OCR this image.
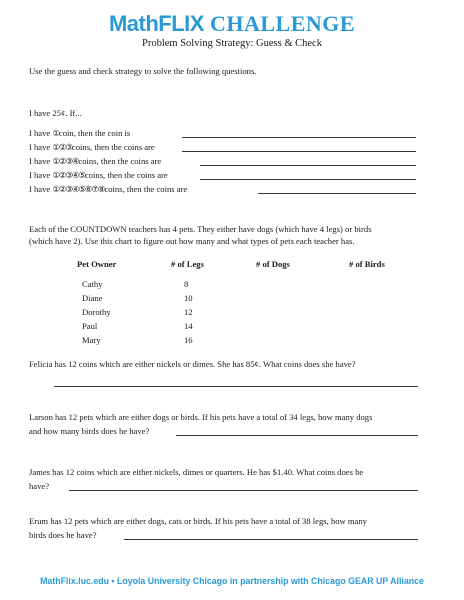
MathFLIX CHALLENGE
Problem Solving Strategy: Guess & Check
Use the guess and check strategy to solve the following questions.
I have 25¢. If...
I have ①coin, then the coin is
I have ①②③coins, then the coins are
I have ①②③④coins, then the coins are
I have ①②③④⑤coins, then the coins are
I have ①②③④⑤⑥⑦⑧coins, then the coins are
Each of the COUNTDOWN teachers has 4 pets. They either have dogs (which have 4 legs) or birds
(which have 2). Use this chart to figure out how many and what types of pets each teacher has.
Pet Owner	# of Legs	# of Dogs	# of Birds
Cathy	8
Diane	10
Dorothy	12
Paul	14
Mary	16
Felicia has 12 coins which are either nickels or dimes. She has 85¢. What coins does she have?
Larson has 12 pets which are either dogs or birds. If his pets have a total of 34 legs, how many dogs
and how many birds does he have?
James has 12 coins which are either nickels, dimes or quarters. He has $1.40. What coins does he
have?
Erum has 12 pets which are either dogs, cats or birds. If his pets have a total of 38 legs, how many
birds does he have?
MathFlix.luc.edu • Loyola University Chicago in partnership with Chicago GEAR UP Alliance
